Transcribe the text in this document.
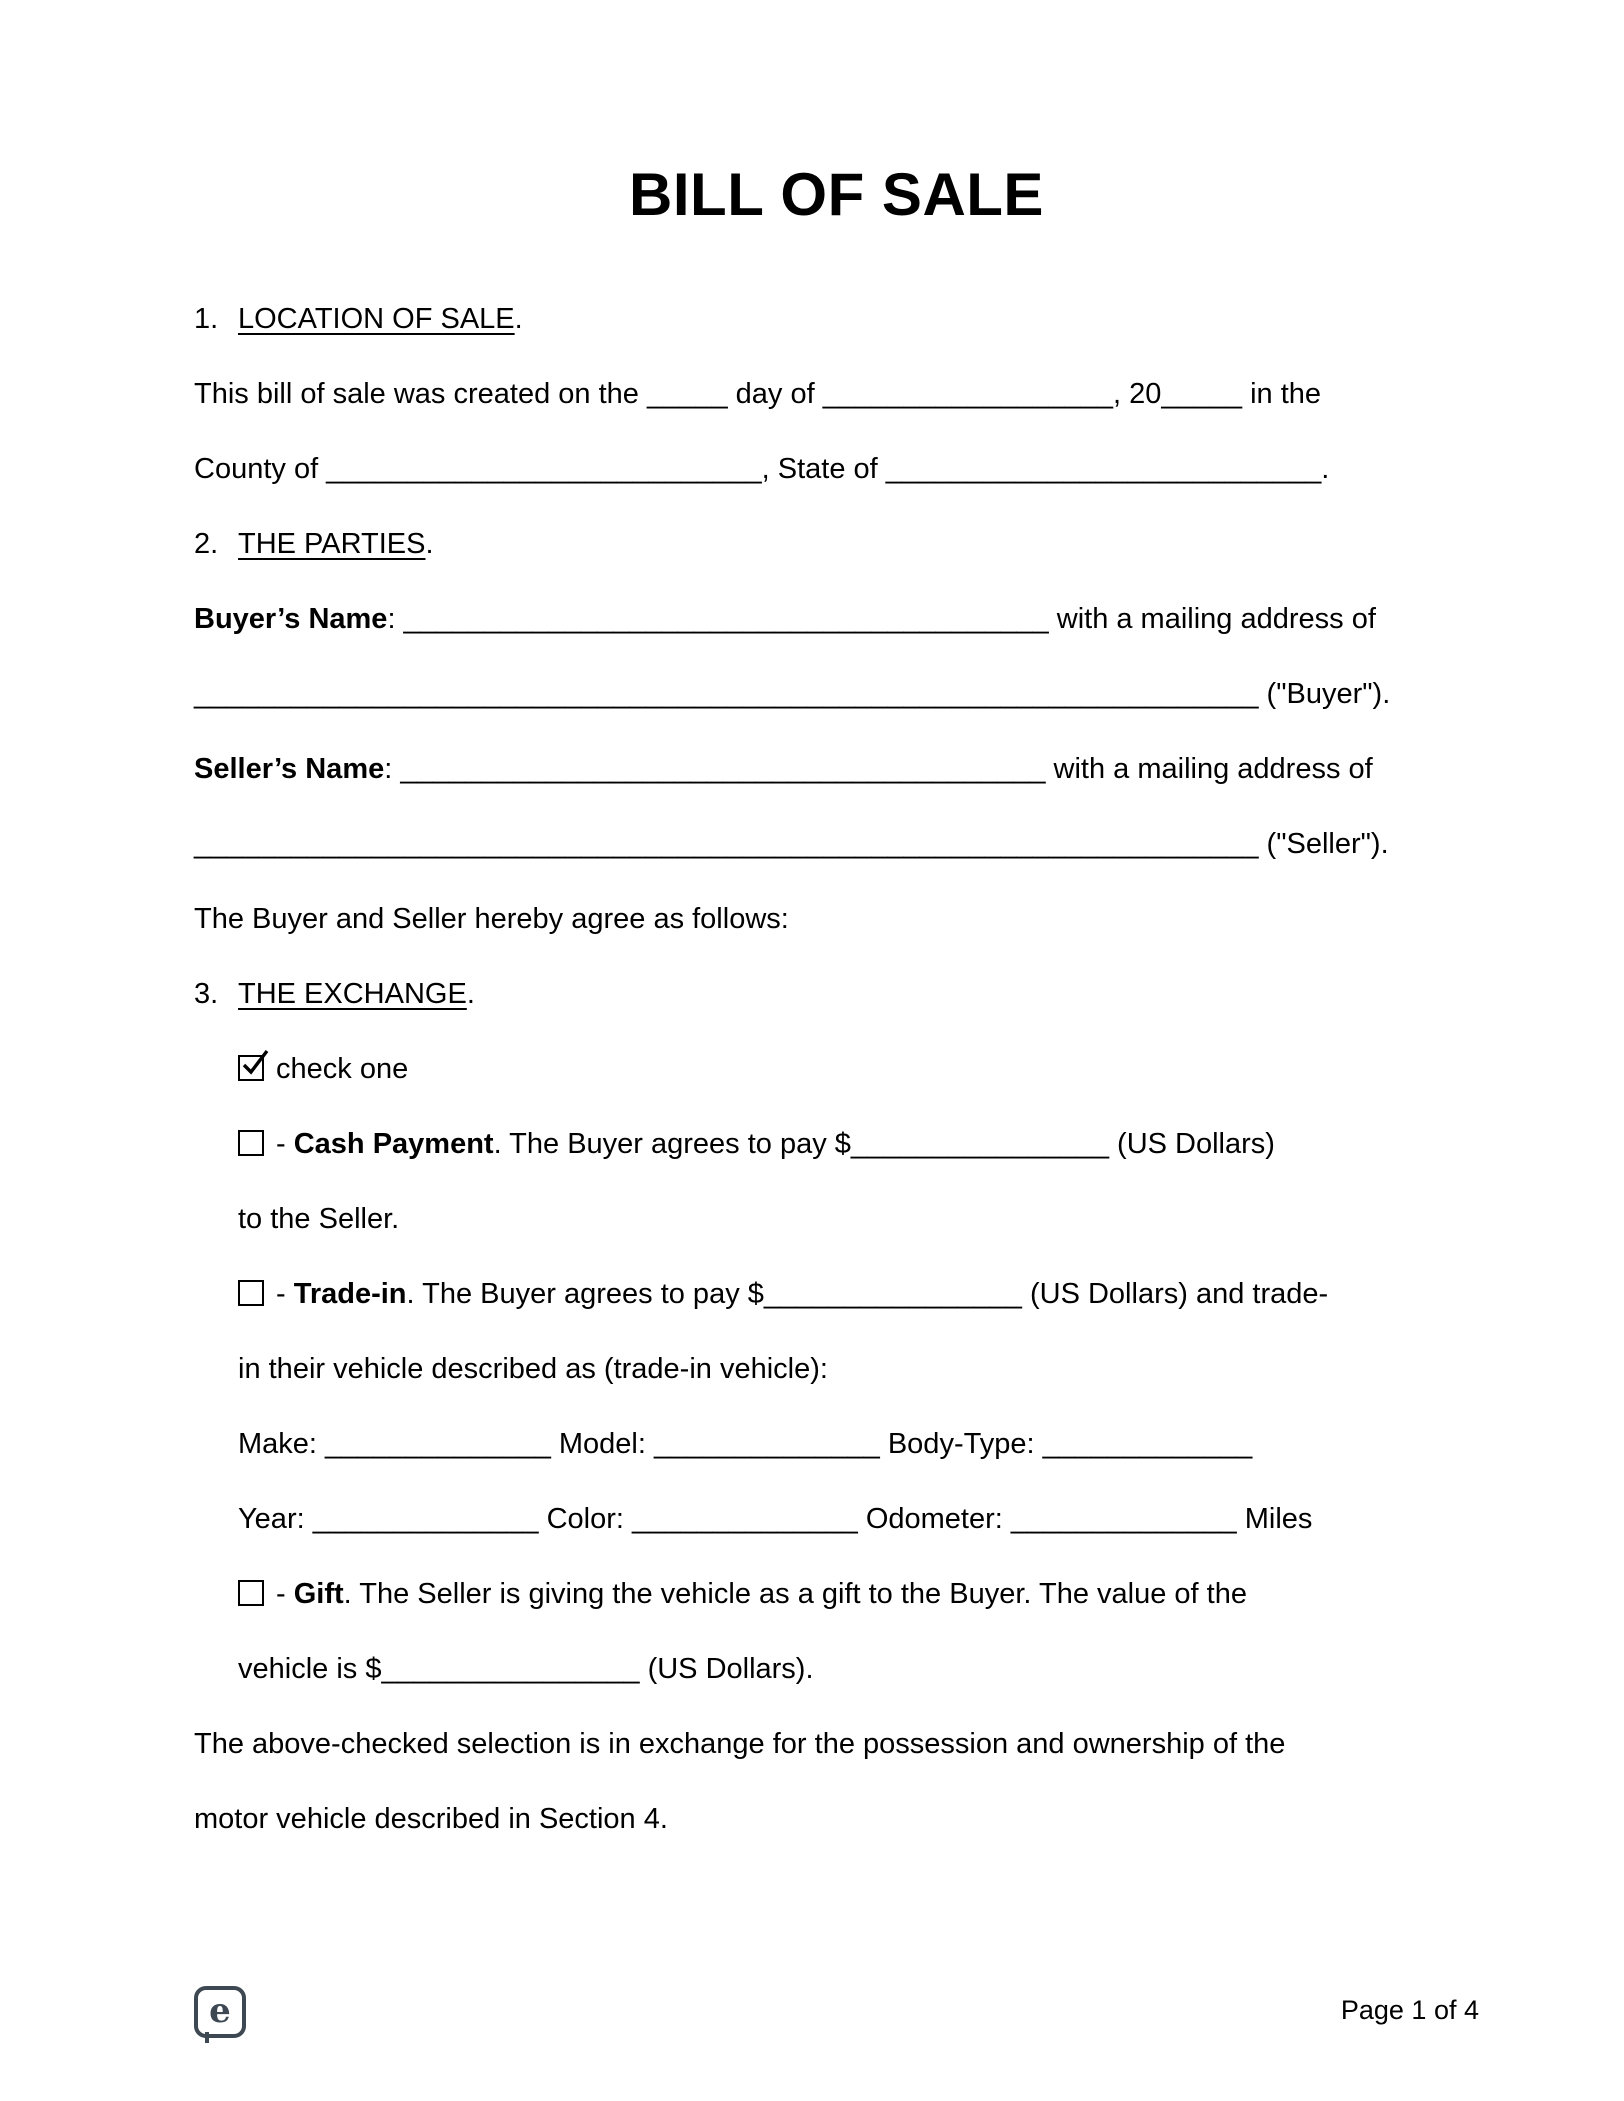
BILL OF SALE
1. LOCATION OF SALE.
This bill of sale was created on the _____ day of __________________, 20_____ in the
County of ___________________________, State of ___________________________.
2. THE PARTIES.
Buyer’s Name: ________________________________________ with a mailing address of
__________________________________________________________________ ("Buyer").
Seller’s Name: ________________________________________ with a mailing address of
__________________________________________________________________ ("Seller").
The Buyer and Seller hereby agree as follows:
3. THE EXCHANGE.
check one
- Cash Payment. The Buyer agrees to pay $________________ (US Dollars)
to the Seller.
- Trade-in. The Buyer agrees to pay $________________ (US Dollars) and trade-
in their vehicle described as (trade-in vehicle):
Make: ______________ Model: ______________ Body-Type: _____________
Year: ______________ Color: ______________ Odometer: ______________ Miles
- Gift. The Seller is giving the vehicle as a gift to the Buyer. The value of the
vehicle is $________________ (US Dollars).
The above-checked selection is in exchange for the possession and ownership of the
motor vehicle described in Section 4.
e	Page 1 of 4
